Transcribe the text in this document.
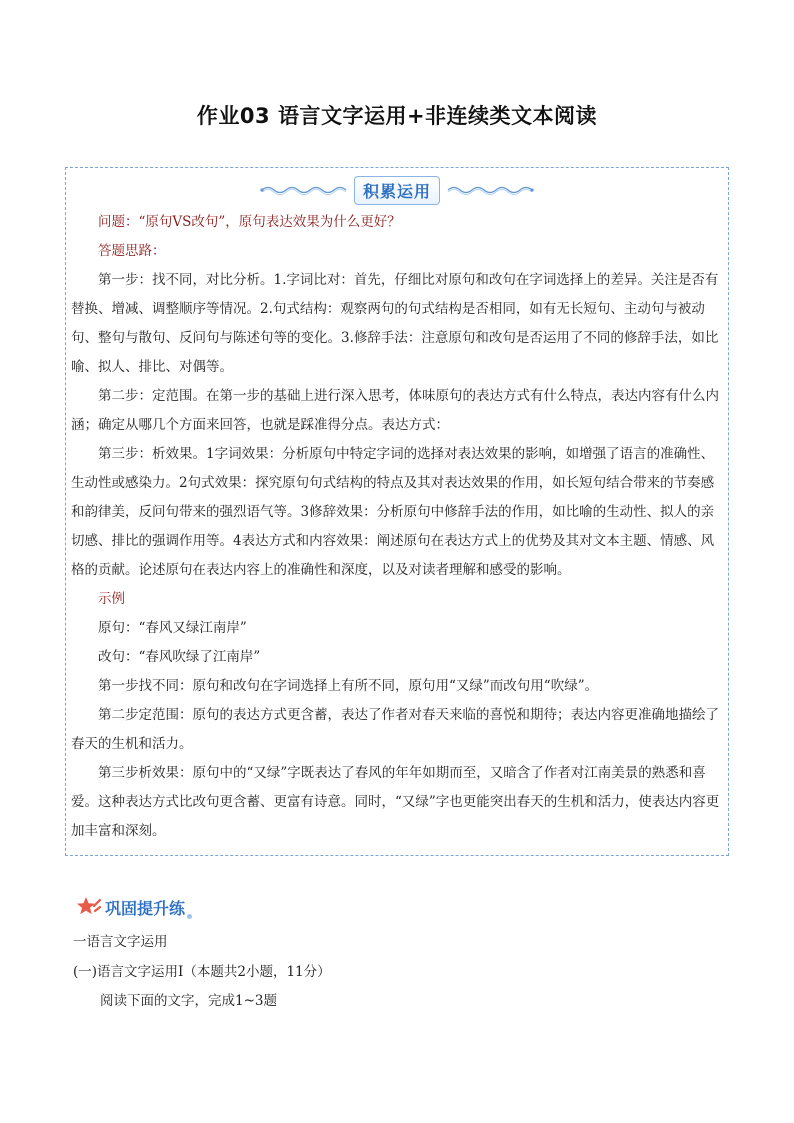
作业03 语言文字运用+非连续类文本阅读
积累运用

问题：“原句VS改句”，原句表达效果为什么更好？

答题思路：

第一步：找不同，对比分析。1.字词比对：首先，仔细比对原句和改句在字词选择上的差异。关注是否有替换、增减、调整顺序等情况。2.句式结构：观察两句的句式结构是否相同，如有无长短句、主动句与被动句、整句与散句、反问句与陈述句等的变化。3.修辞手法：注意原句和改句是否运用了不同的修辞手法，如比喻、拟人、排比、对偶等。

第二步：定范围。在第一步的基础上进行深入思考，体味原句的表达方式有什么特点，表达内容有什么内涵；确定从哪几个方面来回答，也就是踩准得分点。表达方式：

第三步：析效果。1字词效果：分析原句中特定字词的选择对表达效果的影响，如增强了语言的准确性、生动性或感染力。2句式效果：探究原句句式结构的特点及其对表达效果的作用，如长短句结合带来的节奏感和韵律美，反问句带来的强烈语气等。3修辞效果：分析原句中修辞手法的作用，如比喻的生动性、拟人的亲切感、排比的强调作用等。4表达方式和内容效果：阐述原句在表达方式上的优势及其对文本主题、情感、风格的贡献。论述原句在表达内容上的准确性和深度，以及对读者理解和感受的影响。

示例

原句：“春风又绿江南岸”

改句：“春风吹绿了江南岸”

第一步找不同：原句和改句在字词选择上有所不同，原句用“又绿”而改句用“吹绿”。

第二步定范围：原句的表达方式更含蓄，表达了作者对春天来临的喜悦和期待；表达内容更准确地描绘了春天的生机和活力。

第三步析效果：原句中的“又绿”字既表达了春风的年年如期而至，又暗含了作者对江南美景的熟悉和喜爱。这种表达方式比改句更含蓄、更富有诗意。同时，“又绿”字也更能突出春天的生机和活力，使表达内容更加丰富和深刻。

巩固提升练
一语言文字运用
(一)语言文字运用Ⅰ（本题共2小题，11分）
阅读下面的文字，完成1~3题
